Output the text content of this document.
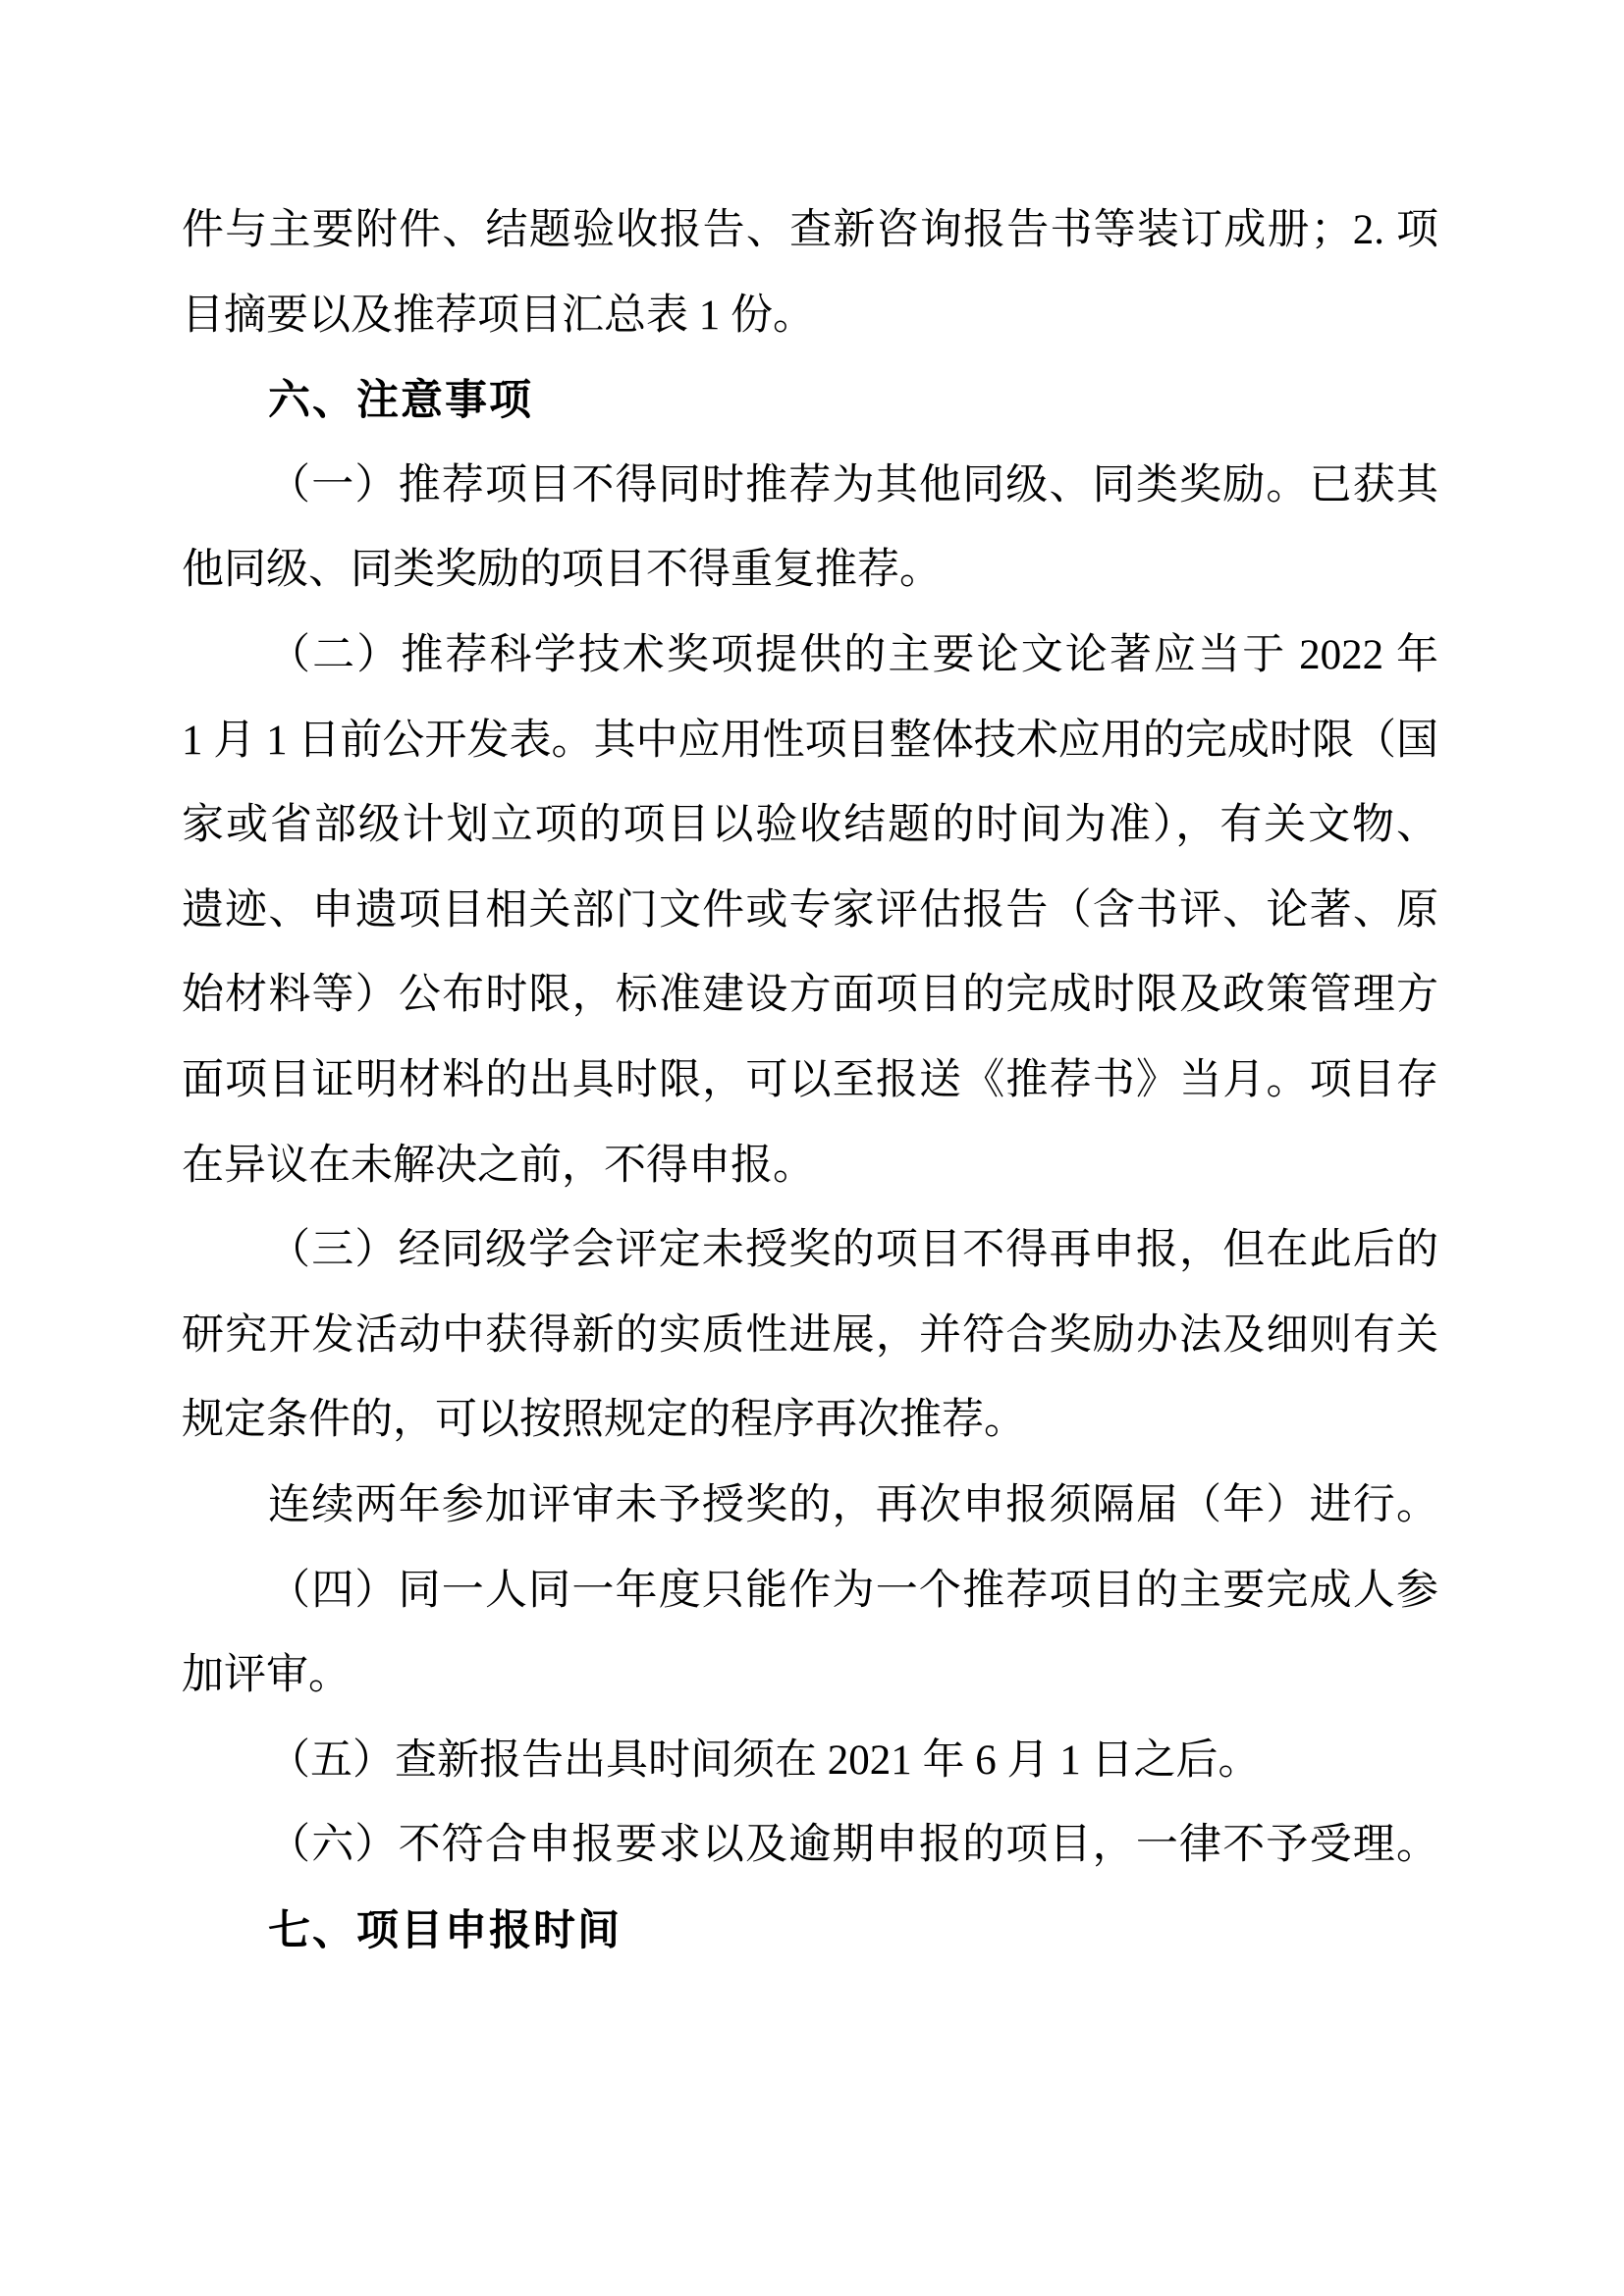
件与主要附件、结题验收报告、查新咨询报告书等装订成册；2. 项
目摘要以及推荐项目汇总表 1 份。
六、注意事项
（一）推荐项目不得同时推荐为其他同级、同类奖励。已获其
他同级、同类奖励的项目不得重复推荐。
（二）推荐科学技术奖项提供的主要论文论著应当于 2022 年
1 月 1 日前公开发表。其中应用性项目整体技术应用的完成时限（国
家或省部级计划立项的项目以验收结题的时间为准），有关文物、
遗迹、申遗项目相关部门文件或专家评估报告（含书评、论著、原
始材料等）公布时限，标准建设方面项目的完成时限及政策管理方
面项目证明材料的出具时限，可以至报送《推荐书》当月。项目存
在异议在未解决之前，不得申报。
（三）经同级学会评定未授奖的项目不得再申报，但在此后的
研究开发活动中获得新的实质性进展，并符合奖励办法及细则有关
规定条件的，可以按照规定的程序再次推荐。
连续两年参加评审未予授奖的，再次申报须隔届（年）进行。
（四）同一人同一年度只能作为一个推荐项目的主要完成人参
加评审。
（五）查新报告出具时间须在 2021 年 6 月 1 日之后。
（六）不符合申报要求以及逾期申报的项目，一律不予受理。
七、项目申报时间
